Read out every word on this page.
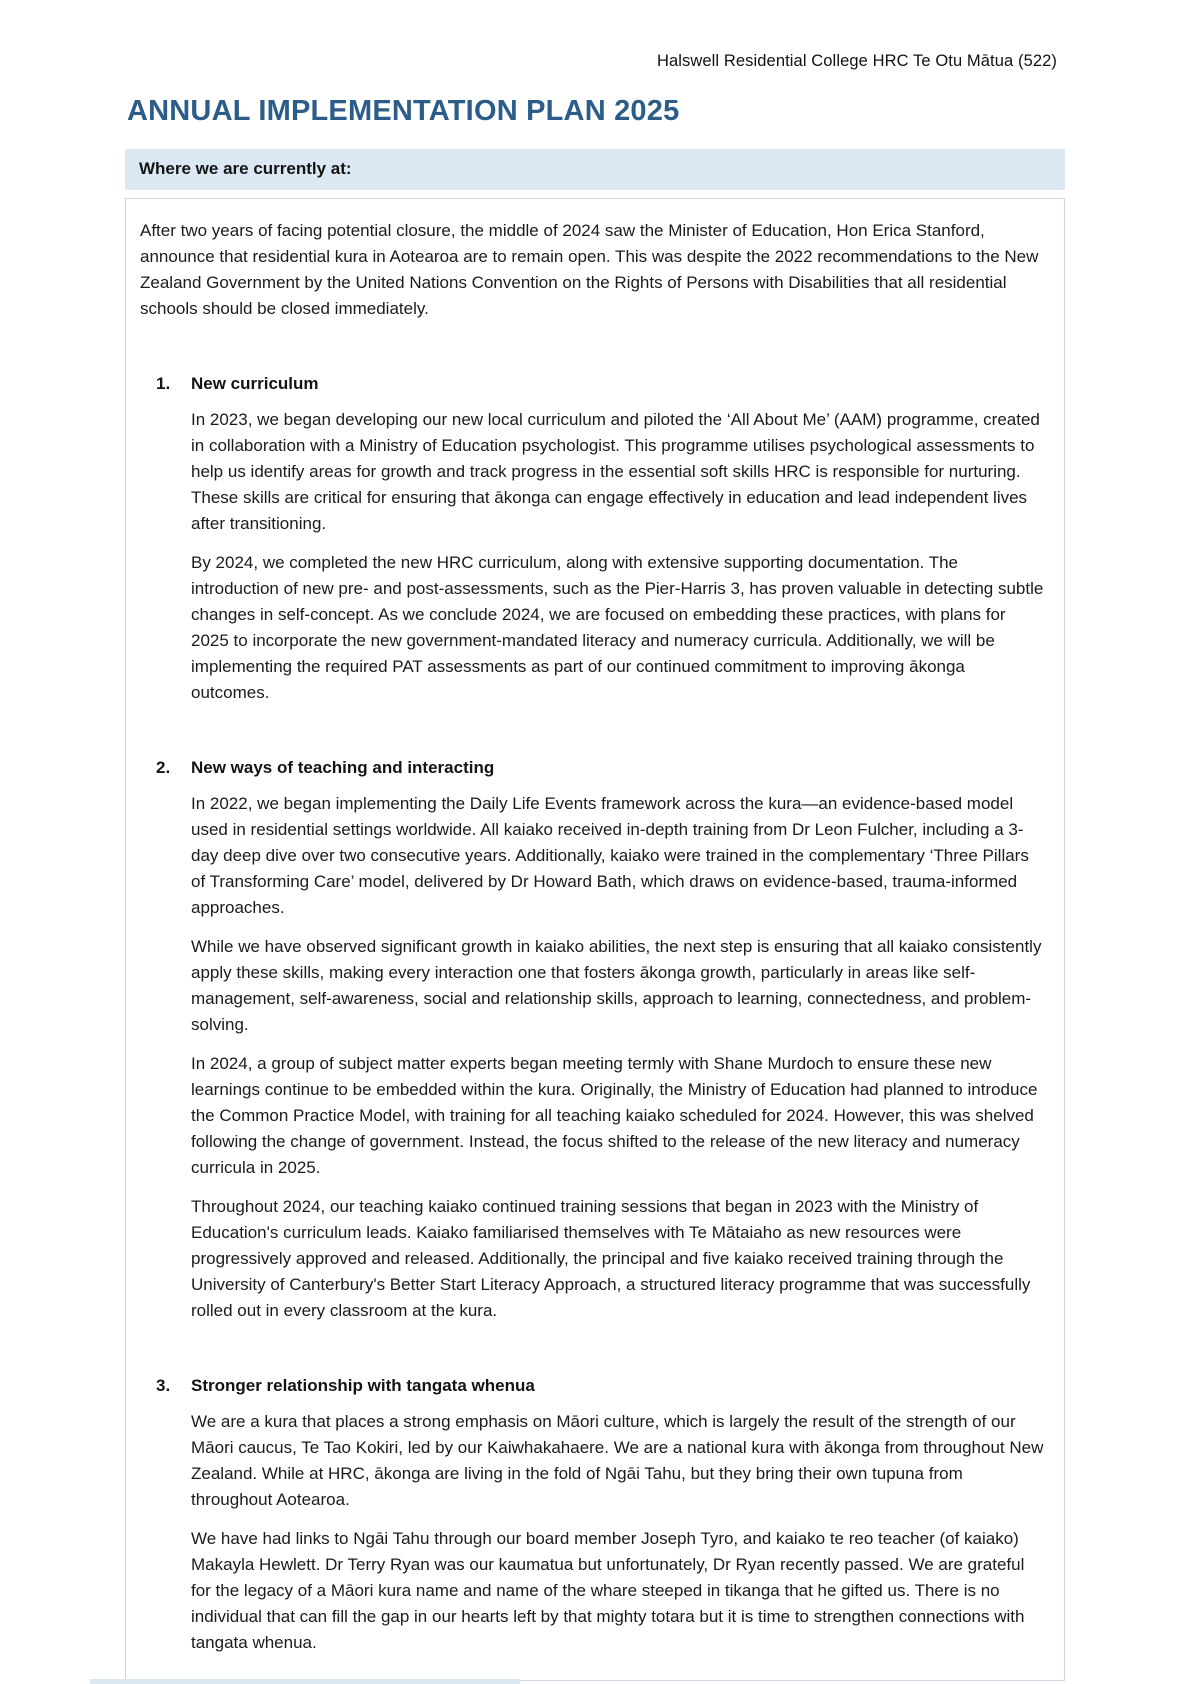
Halswell Residential College HRC Te Otu Mātua (522)
ANNUAL IMPLEMENTATION PLAN 2025
Where we are currently at:

After two years of facing potential closure, the middle of 2024 saw the Minister of Education, Hon Erica Stanford, announce that residential kura in Aotearoa are to remain open. This was despite the 2022 recommendations to the New Zealand Government by the United Nations Convention on the Rights of Persons with Disabilities that all residential schools should be closed immediately.

1.	New curriculum

In 2023, we began developing our new local curriculum and piloted the ‘All About Me’ (AAM) programme, created in collaboration with a Ministry of Education psychologist. This programme utilises psychological assessments to help us identify areas for growth and track progress in the essential soft skills HRC is responsible for nurturing. These skills are critical for ensuring that ākonga can engage effectively in education and lead independent lives after transitioning.

By 2024, we completed the new HRC curriculum, along with extensive supporting documentation. The introduction of new pre- and post-assessments, such as the Pier-Harris 3, has proven valuable in detecting subtle changes in self-concept. As we conclude 2024, we are focused on embedding these practices, with plans for 2025 to incorporate the new government-mandated literacy and numeracy curricula. Additionally, we will be implementing the required PAT assessments as part of our continued commitment to improving ākonga outcomes.

2.	New ways of teaching and interacting

In 2022, we began implementing the Daily Life Events framework across the kura—an evidence-based model used in residential settings worldwide. All kaiako received in-depth training from Dr Leon Fulcher, including a 3-day deep dive over two consecutive years. Additionally, kaiako were trained in the complementary ‘Three Pillars of Transforming Care’ model, delivered by Dr Howard Bath, which draws on evidence-based, trauma-informed approaches.

While we have observed significant growth in kaiako abilities, the next step is ensuring that all kaiako consistently apply these skills, making every interaction one that fosters ākonga growth, particularly in areas like self-management, self-awareness, social and relationship skills, approach to learning, connectedness, and problem-solving.

In 2024, a group of subject matter experts began meeting termly with Shane Murdoch to ensure these new learnings continue to be embedded within the kura. Originally, the Ministry of Education had planned to introduce the Common Practice Model, with training for all teaching kaiako scheduled for 2024. However, this was shelved following the change of government. Instead, the focus shifted to the release of the new literacy and numeracy curricula in 2025.

Throughout 2024, our teaching kaiako continued training sessions that began in 2023 with the Ministry of Education's curriculum leads. Kaiako familiarised themselves with Te Mātaiaho as new resources were progressively approved and released. Additionally, the principal and five kaiako received training through the University of Canterbury's Better Start Literacy Approach, a structured literacy programme that was successfully rolled out in every classroom at the kura.

3.	Stronger relationship with tangata whenua

We are a kura that places a strong emphasis on Māori culture, which is largely the result of the strength of our Māori caucus, Te Tao Kokiri, led by our Kaiwhakahaere. We are a national kura with ākonga from throughout New Zealand. While at HRC, ākonga are living in the fold of Ngāi Tahu, but they bring their own tupuna from throughout Aotearoa.

We have had links to Ngāi Tahu through our board member Joseph Tyro, and kaiako te reo teacher (of kaiako) Makayla Hewlett. Dr Terry Ryan was our kaumatua but unfortunately, Dr Ryan recently passed. We are grateful for the legacy of a Māori kura name and name of the whare steeped in tikanga that he gifted us. There is no individual that can fill the gap in our hearts left by that mighty totara but it is time to strengthen connections with tangata whenua.
